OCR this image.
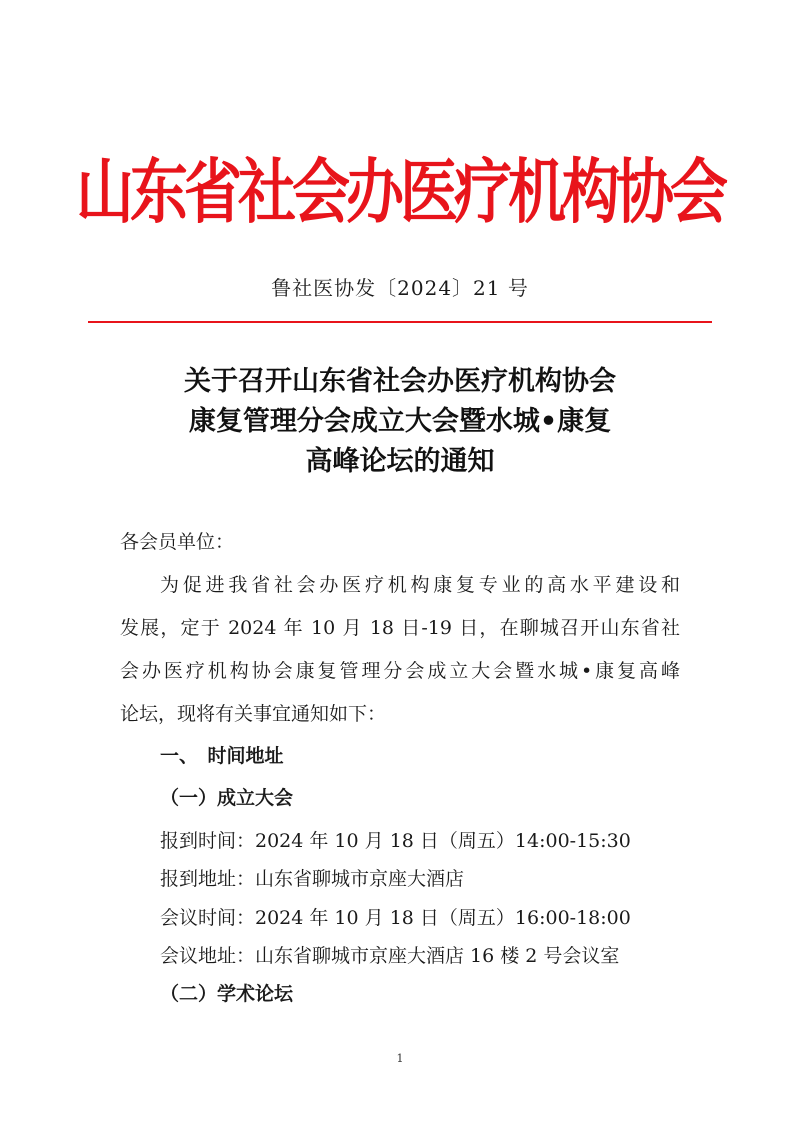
山东省社会办医疗机构协会
鲁社医协发〔2024〕21 号
关于召开山东省社会办医疗机构协会
康复管理分会成立大会暨水城•康复
高峰论坛的通知
各会员单位：
为促进我省社会办医疗机构康复专业的高水平建设和
发展，定于 2024 年 10 月 18 日-19 日，在聊城召开山东省社
会办医疗机构协会康复管理分会成立大会暨水城•康复高峰
论坛，现将有关事宜通知如下：
一、　时间地址
（一）成立大会
报到时间：2024 年 10 月 18 日（周五）14:00-15:30
报到地址：山东省聊城市京座大酒店
会议时间：2024 年 10 月 18 日（周五）16:00-18:00
会议地址：山东省聊城市京座大酒店 16 楼 2 号会议室
（二）学术论坛
1
